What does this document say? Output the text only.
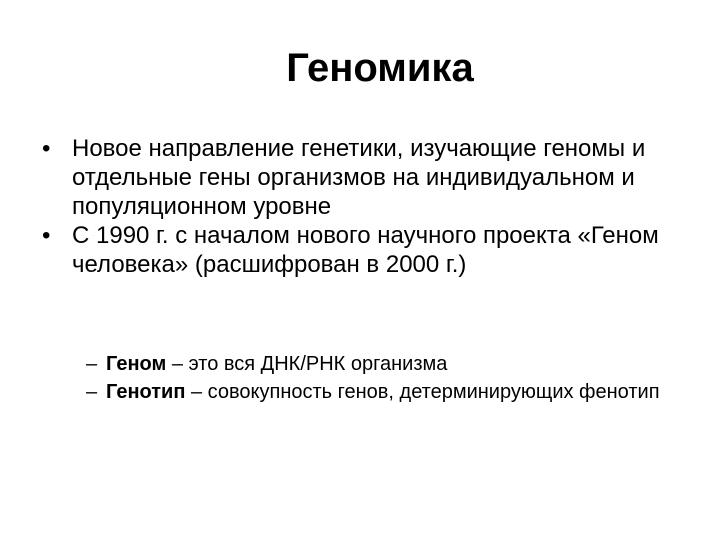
Геномика
• Новое направление генетики, изучающие геномы и отдельные гены организмов на индивидуальном и популяционном уровне
• С 1990 г. с началом нового научного проекта «Геном человека» (расшифрован в 2000 г.)
– Геном – это вся ДНК/РНК организма
– Генотип – совокупность генов, детерминирующих фенотип
